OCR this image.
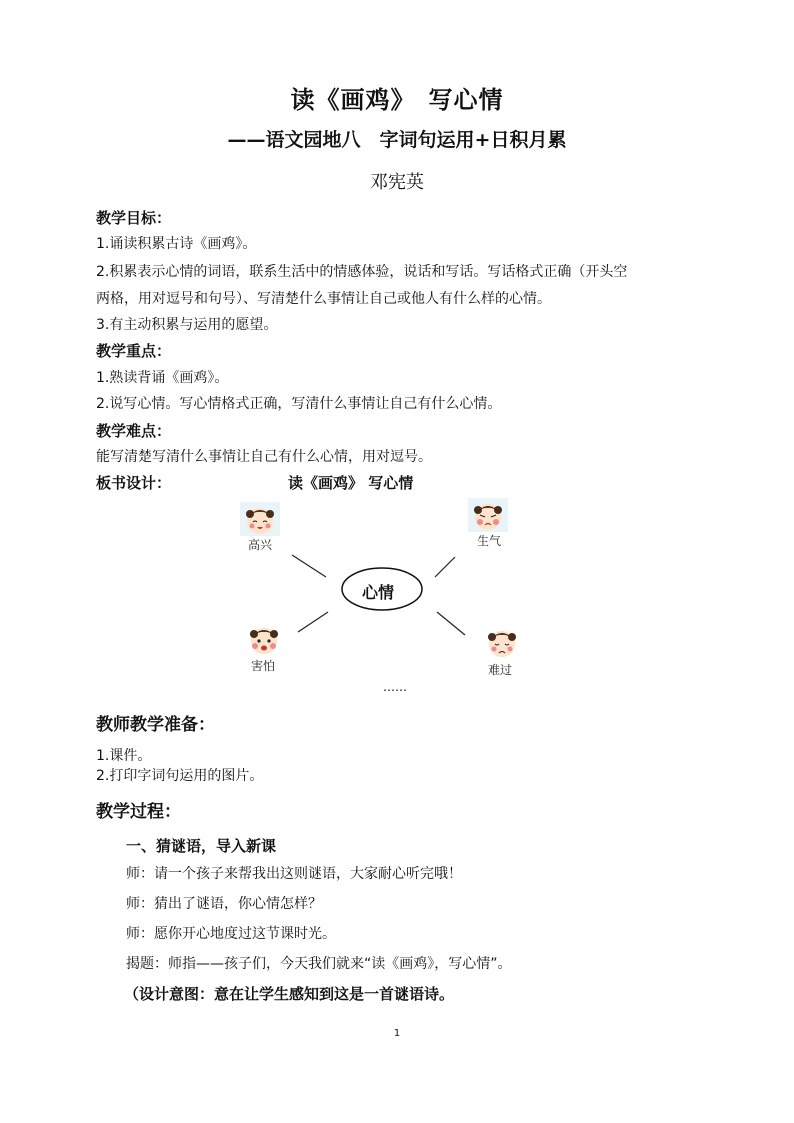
读《画鸡》　写心情
——语文园地八　字词句运用+日积月累
邓宪英
教学目标：
1.诵读积累古诗《画鸡》。
2.积累表示心情的词语，联系生活中的情感体验，说话和写话。写话格式正确（开头空
两格，用对逗号和句号）、写清楚什么事情让自己或他人有什么样的心情。
3.有主动积累与运用的愿望。
教学重点：
1.熟读背诵《画鸡》。
2.说写心情。写心情格式正确，写清什么事情让自己有什么心情。
教学难点：
能写清楚写清什么事情让自己有什么心情，用对逗号。
板书设计：	读《画鸡》 写心情
心情
高兴	生气
害怕	难过
……
教师教学准备：
1.课件。
2.打印字词句运用的图片。
教学过程：
一、猜谜语，导入新课
师：请一个孩子来帮我出这则谜语，大家耐心听完哦！
师：猜出了谜语，你心情怎样？
师：愿你开心地度过这节课时光。
揭题：师指——孩子们，今天我们就来“读《画鸡》，写心情”。
（设计意图：意在让学生感知到这是一首谜语诗。
1
